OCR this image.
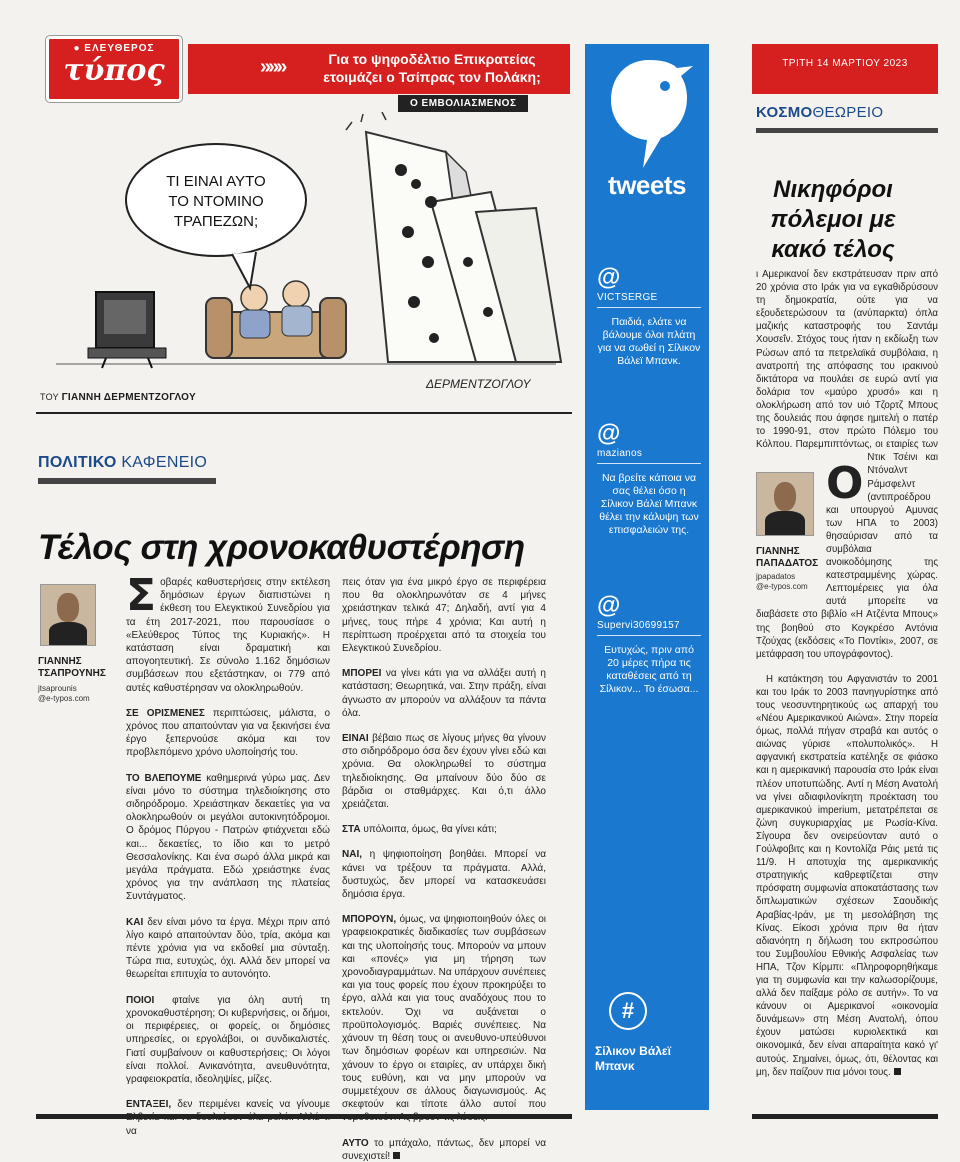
● ΕΛΕΥΘΕΡΟΣ
τύπος	»»»	Για το ψηφοδέλτιο Επικρατείας ετοιμάζει ο Τσίπρας τον Πολάκη;
Ο ΕΜΒΟΛΙΑΣΜΕΝΟΣ
ΤΡΙΤΗ 14 ΜΑΡΤΙΟΥ 2023
ΤΙ ΕΙΝΑΙ ΑΥΤΟ
ΤΟ ΝΤΟΜΙΝΟ
ΤΡΑΠΕΖΩΝ;
ΔΕΡΜΕΝΤΖΟΓΛΟΥ
ΤΟΥ ΓΙΑΝΝΗ ΔΕΡΜΕΝΤΖΟΓΛΟΥ
ΠΟΛΙΤΙΚΟ ΚΑΦΕΝΕΙΟ
Τέλος στη χρονοκαθυστέρηση
ΓΙΑΝΝΗΣ
ΤΣΑΠΡΟΥΝΗΣ
jtsaprounis
@e-typos.com

Σοβαρές καθυστερήσεις στην εκτέλεση δημόσιων έργων διαπιστώνει η έκθεση του Ελεγκτικού Συνεδρίου για τα έτη 2017-2021, που παρουσίασε ο «Ελεύθερος Τύπος της Κυριακής». Η κατάσταση είναι δραματική και απογοητευτική. Σε σύνολο 1.162 δημόσιων συμβάσεων που εξετάστηκαν, οι 779 από αυτές καθυστέρησαν να ολοκληρωθούν.

ΣΕ ΟΡΙΣΜΕΝΕΣ περιπτώσεις, μάλιστα, ο χρόνος που απαιτούνταν για να ξεκινήσει ένα έργο ξεπερνούσε ακόμα και τον προβλεπόμενο χρόνο υλοποίησής του.

ΤΟ ΒΛΕΠΟΥΜΕ καθημερινά γύρω μας. Δεν είναι μόνο το σύστημα τηλεδιοίκησης στο σιδηρόδρομο. Χρειάστηκαν δεκαετίες για να ολοκληρωθούν οι μεγάλοι αυτοκινητόδρομοι. Ο δρόμος Πύργου - Πατρών φτιάχνεται εδώ και... δεκαετίες, το ίδιο και το μετρό Θεσσαλονίκης. Και ένα σωρό άλλα μικρά και μεγάλα πράγματα. Εδώ χρειάστηκε ένας χρόνος για την ανάπλαση της πλατείας Συντάγματος.

ΚΑΙ δεν είναι μόνο τα έργα. Μέχρι πριν από λίγο καιρό απαιτούνταν δύο, τρία, ακόμα και πέντε χρόνια για να εκδοθεί μια σύνταξη. Τώρα πια, ευτυχώς, όχι. Αλλά δεν μπορεί να θεωρείται επιτυχία το αυτονόητο.

ΠΟΙΟΙ φταίνε για όλη αυτή τη χρονοκαθυστέρηση; Οι κυβερνήσεις, οι δήμοι, οι περιφέρειες, οι φορείς, οι δημόσιες υπηρεσίες, οι εργολάβοι, οι συνδικαλιστές. Γιατί συμβαίνουν οι καθυστερήσεις; Οι λόγοι είναι πολλοί. Ανικανότητα, ανευθυνότητα, γραφειοκρατία, ιδεοληψίες, μίζες.

ΕΝΤΑΞΕΙ, δεν περιμένει κανείς να γίνουμε να

πεις όταν για ένα μικρό έργο σε περιφέρεια που θα ολοκληρωνόταν σε 4 μήνες χρειάστηκαν τελικά 47; Δηλαδή, αντί για 4 μήνες, τους πήρε 4 χρόνια; Και αυτή η περίπτωση προέρχεται από τα στοιχεία του Ελεγκτικού Συνεδρίου.

ΜΠΟΡΕΙ να γίνει κάτι για να αλλάξει αυτή η κατάσταση; Θεωρητικά, ναι. Στην πράξη, είναι άγνωστο αν μπορούν να αλλάξουν τα πάντα όλα.

ΕΙΝΑΙ βέβαιο πως σε λίγους μήνες θα γίνουν στο σιδηρόδρομο όσα δεν έχουν γίνει εδώ και χρόνια. Θα ολοκληρωθεί το σύστημα τηλεδιοίκησης. Θα μπαίνουν δύο δύο σε βάρδια οι σταθμάρχες. Και ό,τι άλλο χρειάζεται.

ΣΤΑ υπόλοιπα, όμως, θα γίνει κάτι;

ΝΑΙ, η ψηφιοποίηση βοηθάει. Μπορεί να κάνει να τρέξουν τα πράγματα. Αλλά, δυστυχώς, δεν μπορεί να κατασκευάσει δημόσια έργα.

ΜΠΟΡΟΥΝ, όμως, να ψηφιοποιηθούν όλες οι γραφειοκρατικές διαδικασίες των συμβάσεων και της υλοποίησής τους. Μπορούν να μπουν και «πονές» για μη τήρηση των χρονοδιαγραμμάτων. Να υπάρχουν συνέπειες και για τους φορείς που έχουν προκηρύξει το έργο, αλλά και για τους αναδόχους που το εκτελούν. Όχι να αυξάνεται ο προϋπολογισμός. Βαριές συνέπειες. Να χάνουν τη θέση τους οι ανευθυνο-υπεύθυνοι των δημόσιων φορέων και υπηρεσιών. Να χάνουν το έργο οι εταιρίες, αν υπάρχει δική τους ευθύνη, και να μην μπορούν να συμμετέχουν σε άλλους διαγωνισμούς. Ας σκεφτούν και τίποτε άλλο αυτοί που

ΑΥΤΟ το μπάχαλο, πάντως, δεν μπορεί να συνεχιστεί!

tweets
@
VICTSERGE
Παιδιά, ελάτε να βάλουμε όλοι πλάτη για να σωθεί η Σίλικον Βάλεϊ Μπανκ.
@
mazianos
Να βρείτε κάποια να σας θέλει όσο η Σίλικον Βάλεϊ Μπανκ θέλει την κάλυψη των επισφαλειών της.
@
Supervi30699157
Ευτυχώς, πριν από 20 μέρες πήρα τις καταθέσεις από τη Σίλικον... Το έσωσα...
#
Σίλικον Βάλεϊ Μπανκ
ΚΟΣΜΟΘΕΩΡΕΙΟ
Νικηφόροι πόλεμοι με κακό τέλος
ΓΙΑΝΝΗΣ
ΠΑΠΑΔΑΤΟΣ
jpapadatos
@e-typos.com

Ο
ι Αμερικανοί δεν εκστράτευσαν πριν από 20 χρόνια στο Ιράκ για να εγκαθιδρύσουν τη δημοκρατία, ούτε για να εξουδετερώσουν τα (ανύπαρκτα) όπλα μαζικής καταστροφής του Σαντάμ Χουσεΐν. Στόχος τους ήταν η εκδίωξη των Ρώσων από τα πετρελαϊκά συμβόλαια, η ανατροπή της απόφασης του ιρακινού δικτάτορα να πουλάει σε ευρώ αντί για δολάρια τον «μαύρο χρυσό» και η ολοκλήρωση από τον υιό Τζορτζ Μπους της δουλειάς που άφησε ημιτελή ο πατέρ το 1990-91, στον πρώτο Πόλεμο του Κόλπου. Παρεμπιπτόντως, οι εταιρίες των Ντικ Τσέινι και Ντόναλντ Ράμσφελντ (αντιπροέδρου και υπουργού Αμυνας των ΗΠΑ το 2003) θησαύρισαν από τα συμβόλαια ανοικοδόμησης της κατεστραμμένης χώρας. Λεπτομέρειες για όλα αυτά μπορείτε να διαβάσετε στο βιβλίο «Η Ατζέντα Μπους» της βοηθού στο Κογκρέσο Αντόνια Τζούχας (εκδόσεις «Το Ποντίκι», 2007, σε μετάφραση του υπογράφοντος).

Η κατάκτηση του Αφγανιστάν το 2001 και του Ιράκ το 2003 πανηγυρίστηκε από τους νεοσυντηρητικούς ως απαρχή του «Νέου Αμερικανικού Αιώνα». Στην πορεία όμως, πολλά πήγαν στραβά και αυτός ο αιώνας γύρισε «πολυπολικός». Η αφγανική εκστρατεία κατέληξε σε φιάσκο και η αμερικανική παρουσία στο Ιράκ είναι πλέον υποτυπώδης. Αντί η Μέση Ανατολή να γίνει αδιαφιλονίκητη προέκταση του αμερικανικού imperium, μετατρέπεται σε ζώνη συγκυριαρχίας με Ρωσία-Κίνα. Σίγουρα δεν ονειρεύονταν αυτό ο Γούλφοβιτς και η Κοντολίζα Ράις μετά τις 11/9. Η αποτυχία της αμερικανικής στρατηγικής καθρεφτίζεται στην πρόσφατη συμφωνία αποκατάστασης των διπλωματικών σχέσεων Σαουδικής Αραβίας-Ιράν, με τη μεσολάβηση της Κίνας. Είκοσι χρόνια πριν θα ήταν αδιανόητη η δήλωση του εκπροσώπου του Συμβουλίου Εθνικής Ασφαλείας των ΗΠΑ, Τζον Κίρμπι: «Πληροφορηθήκαμε για τη συμφωνία και την καλωσορίζουμε, αλλά δεν παίξαμε ρόλο σε αυτήν». Το να κάνουν οι Αμερικανοί «οικονομία δυνάμεων» στη Μέση Ανατολή, όπου έχουν ματώσει κυριολεκτικά και οικονομικά, δεν είναι απαραίτητα κακό γι' αυτούς. Σημαίνει, όμως, ότι, θέλοντας και μη, δεν παίζουν πια μόνοι τους.
